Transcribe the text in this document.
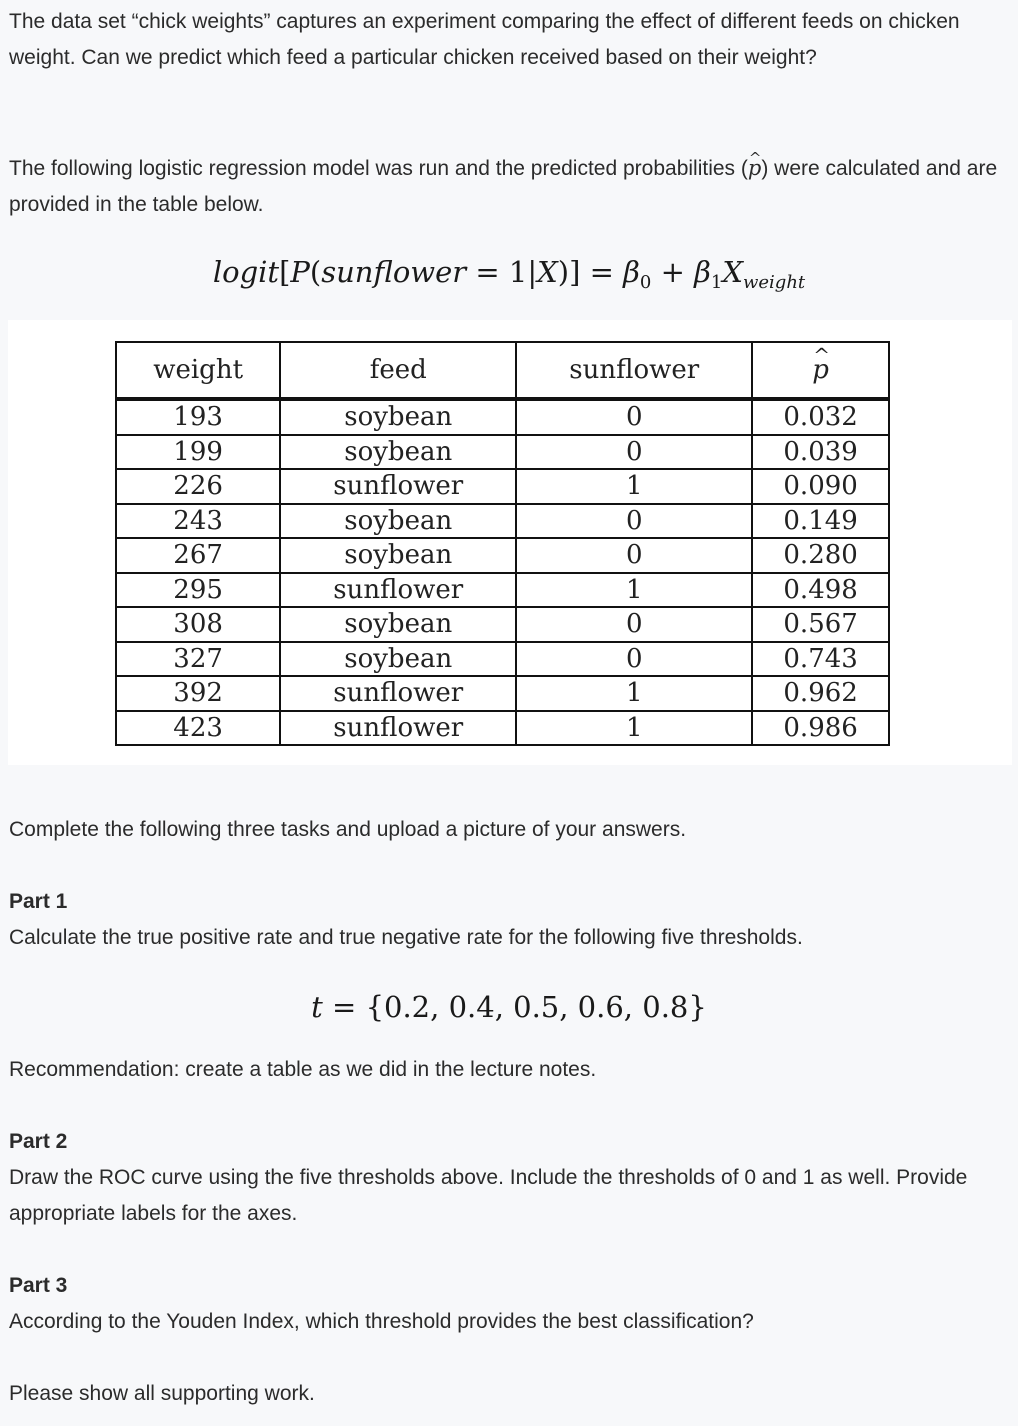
The data set “chick weights” captures an experiment comparing the effect of different feeds on chicken weight. Can we predict which feed a particular chicken received based on their weight?

The following logistic regression model was run and the predicted probabilities (^ p) were calculated and are provided in the table below.

logit[P(sunflower = $1|X)] = \beta_0 + \beta_1X_{weight}$
weight	feed	sunflower	^ p
193	soybean	0	0.032
199	soybean	0	0.039
226	sunflower	1	0.090
243	soybean	0	0.149
267	soybean	0	0.280
295	sunflower	1	0.498
308	soybean	0	0.567
327	soybean	0	0.743
392	sunflower	1	0.962
423	sunflower	1	0.986

Complete the following three tasks and upload a picture of your answers.

Part 1

Calculate the true positive rate and true negative rate for the following five thresholds.

t = {0.2, 0.4, 0.5, 0.6, 0.8}

Recommendation: create a table as we did in the lecture notes.

Part 2

Draw the ROC curve using the five thresholds above. Include the thresholds of 0 and 1 as well. Provide appropriate labels for the axes.

Part 3

According to the Youden Index, which threshold provides the best classification?

Please show all supporting work.
